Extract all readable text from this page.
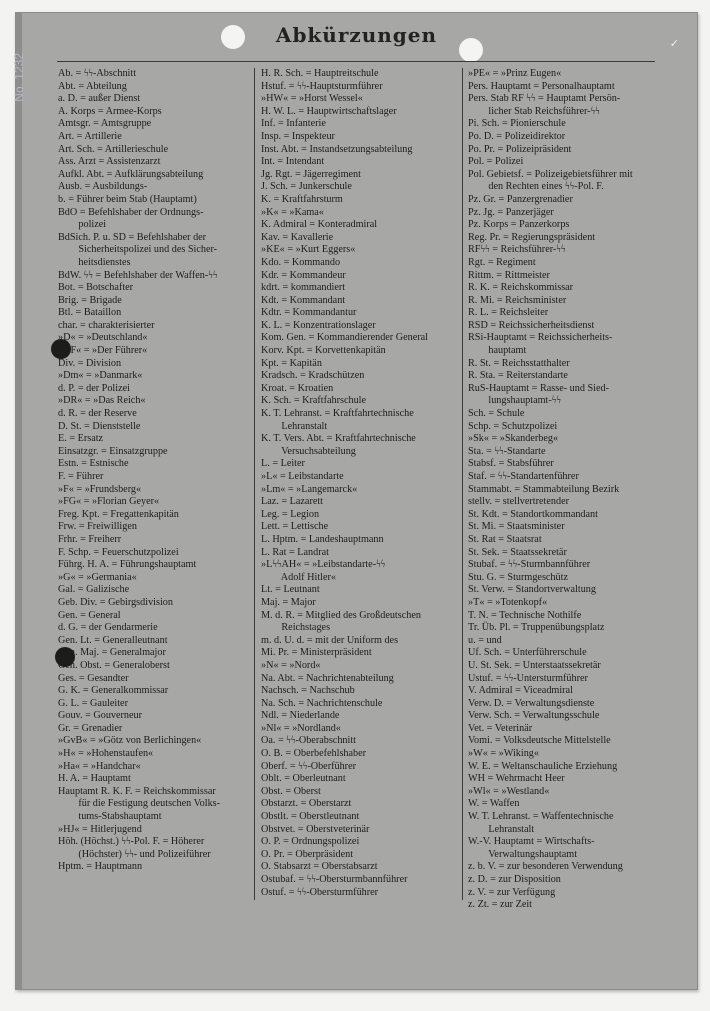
No. 1232
✓
Abkürzungen
Ab. = ϟϟ-Abschnitt
Abt. = Abteilung
a. D. = außer Dienst
A. Korps = Armee-Korps
Amtsgr. = Amtsgruppe
Art. = Artillerie
Art. Sch. = Artillerieschule
Ass. Arzt = Assistenzarzt
Aufkl. Abt. = Aufklärungsabteilung
Ausb. = Ausbildungs-
b. = Führer beim Stab (Hauptamt)
BdO = Befehlshaber der Ordnungs-
polizei
BdSich. P. u. SD = Befehlshaber der
Sicherheitspolizei und des Sicher-
heitsdienstes
BdW. ϟϟ = Befehlshaber der Waffen-ϟϟ
Bot. = Botschafter
Brig. = Brigade
Btl. = Bataillon
char. = charakterisierter
»D« = »Deutschland«
»DF« = »Der Führer«
Div. = Division
»Dm« = »Danmark«
d. P. = der Polizei
»DR« = »Das Reich«
d. R. = der Reserve
D. St. = Dienststelle
E. = Ersatz
Einsatzgr. = Einsatzgruppe
Estn. = Estnische
F. = Führer
»F« = »Frundsberg«
»FG« = »Florian Geyer«
Freg. Kpt. = Fregattenkapitän
Frw. = Freiwilligen
Frhr. = Freiherr
F. Schp. = Feuerschutzpolizei
Führg. H. A. = Führungshauptamt
»G« = »Germania«
Gal. = Galizische
Geb. Div. = Gebirgsdivision
Gen. = General
d. G. = der Gendarmerie
Gen. Lt. = Generalleutnant
Gen. Maj. = Generalmajor
Gen. Obst. = Generaloberst
Ges. = Gesandter
G. K. = Generalkommissar
G. L. = Gauleiter
Gouv. = Gouverneur
Gr. = Grenadier
»GvB« = »Götz von Berlichingen«
»H« = »Hohenstaufen«
»Ha« = »Handchar«
H. A. = Hauptamt
Hauptamt R. K. F. = Reichskommissar
für die Festigung deutschen Volks-
tums-Stabshauptamt
»HJ« = Hitlerjugend
Höh. (Höchst.) ϟϟ-Pol. F. = Höherer
(Höchster) ϟϟ- und Polizeiführer
Hptm. = Hauptmann
H. R. Sch. = Hauptreitschule
Hstuf. = ϟϟ-Hauptsturmführer
»HW« = »Horst Wessel«
H. W. L. = Hauptwirtschaftslager
Inf. = Infanterie
Insp. = Inspekteur
Inst. Abt. = Instandsetzungsabteilung
Int. = Intendant
Jg. Rgt. = Jägerregiment
J. Sch. = Junkerschule
K. = Kraftfahrsturm
»K« = »Kama«
K. Admiral = Konteradmiral
Kav. = Kavallerie
»KE« = »Kurt Eggers«
Kdo. = Kommando
Kdr. = Kommandeur
kdrt. = kommandiert
Kdt. = Kommandant
Kdtr. = Kommandantur
K. L. = Konzentrationslager
Kom. Gen. = Kommandierender General
Korv. Kpt. = Korvettenkapitän
Kpt. = Kapitän
Kradsch. = Kradschützen
Kroat. = Kroatien
K. Sch. = Kraftfahrschule
K. T. Lehranst. = Kraftfahrtechnische
Lehranstalt
K. T. Vers. Abt. = Kraftfahrtechnische
Versuchsabteilung
L. = Leiter
»L« = Leibstandarte
»Lm« = »Langemarck«
Laz. = Lazarett
Leg. = Legion
Lett. = Lettische
L. Hptm. = Landeshauptmann
L. Rat = Landrat
»LϟϟAH« = »Leibstandarte-ϟϟ
Adolf Hitler«
Lt. = Leutnant
Maj. = Major
M. d. R. = Mitglied des Großdeutschen
Reichstages
m. d. U. d. = mit der Uniform des
Mi. Pr. = Ministerpräsident
»N« = »Nord«
Na. Abt. = Nachrichtenabteilung
Nachsch. = Nachschub
Na. Sch. = Nachrichtenschule
Ndl. = Niederlande
»Nl« = »Nordland«
Oa. = ϟϟ-Oberabschnitt
O. B. = Oberbefehlshaber
Oberf. = ϟϟ-Oberführer
Oblt. = Oberleutnant
Obst. = Oberst
Obstarzt. = Oberstarzt
Obstlt. = Oberstleutnant
Obstvet. = Oberstveterinär
O. P. = Ordnungspolizei
O. Pr. = Oberpräsident
O. Stabsarzt = Oberstabsarzt
Ostubaf. = ϟϟ-Obersturmbannführer
Ostuf. = ϟϟ-Obersturmführer
»PE« = »Prinz Eugen«
Pers. Hauptamt = Personalhauptamt
Pers. Stab RF ϟϟ = Hauptamt Persön-
licher Stab Reichsführer-ϟϟ
Pi. Sch. = Pionierschule
Po. D. = Polizeidirektor
Po. Pr. = Polizeipräsident
Pol. = Polizei
Pol. Gebietsf. = Polizeigebietsführer mit
den Rechten eines ϟϟ-Pol. F.
Pz. Gr. = Panzergrenadier
Pz. Jg. = Panzerjäger
Pz. Korps = Panzerkorps
Reg. Pr. = Regierungspräsident
RFϟϟ = Reichsführer-ϟϟ
Rgt. = Regiment
Rittm. = Rittmeister
R. K. = Reichskommissar
R. Mi. = Reichsminister
R. L. = Reichsleiter
RSD = Reichssicherheitsdienst
RSi-Hauptamt = Reichssicherheits-
hauptamt
R. St. = Reichsstatthalter
R. Sta. = Reiterstandarte
RuS-Hauptamt = Rasse- und Sied-
lungshauptamt-ϟϟ
Sch. = Schule
Schp. = Schutzpolizei
»Sk« = »Skanderbeg«
Sta. = ϟϟ-Standarte
Stabsf. = Stabsführer
Staf. = ϟϟ-Standartenführer
Stammabt. = Stammabteilung Bezirk
stellv. = stellvertretender
St. Kdt. = Standortkommandant
St. Mi. = Staatsminister
St. Rat = Staatsrat
St. Sek. = Staatssekretär
Stubaf. = ϟϟ-Sturmbannführer
Stu. G. = Sturmgeschütz
St. Verw. = Standortverwaltung
»T« = »Totenkopf«
T. N. = Technische Nothilfe
Tr. Üb. Pl. = Truppenübungsplatz
u. = und
Uf. Sch. = Unterführerschule
U. St. Sek. = Unterstaatssekretär
Ustuf. = ϟϟ-Untersturmführer
V. Admiral = Viceadmiral
Verw. D. = Verwaltungsdienste
Verw. Sch. = Verwaltungsschule
Vet. = Veterinär
Vomi. = Volksdeutsche Mittelstelle
»W« = »Wiking«
W. E. = Weltanschauliche Erziehung
WH = Wehrmacht Heer
»Wl« = »Westland«
W. = Waffen
W. T. Lehranst. = Waffentechnische
Lehranstalt
W.-V. Hauptamt = Wirtschafts-
Verwaltungshauptamt
z. b. V. = zur besonderen Verwendung
z. D. = zur Disposition
z. V. = zur Verfügung
z. Zt. = zur Zeit
